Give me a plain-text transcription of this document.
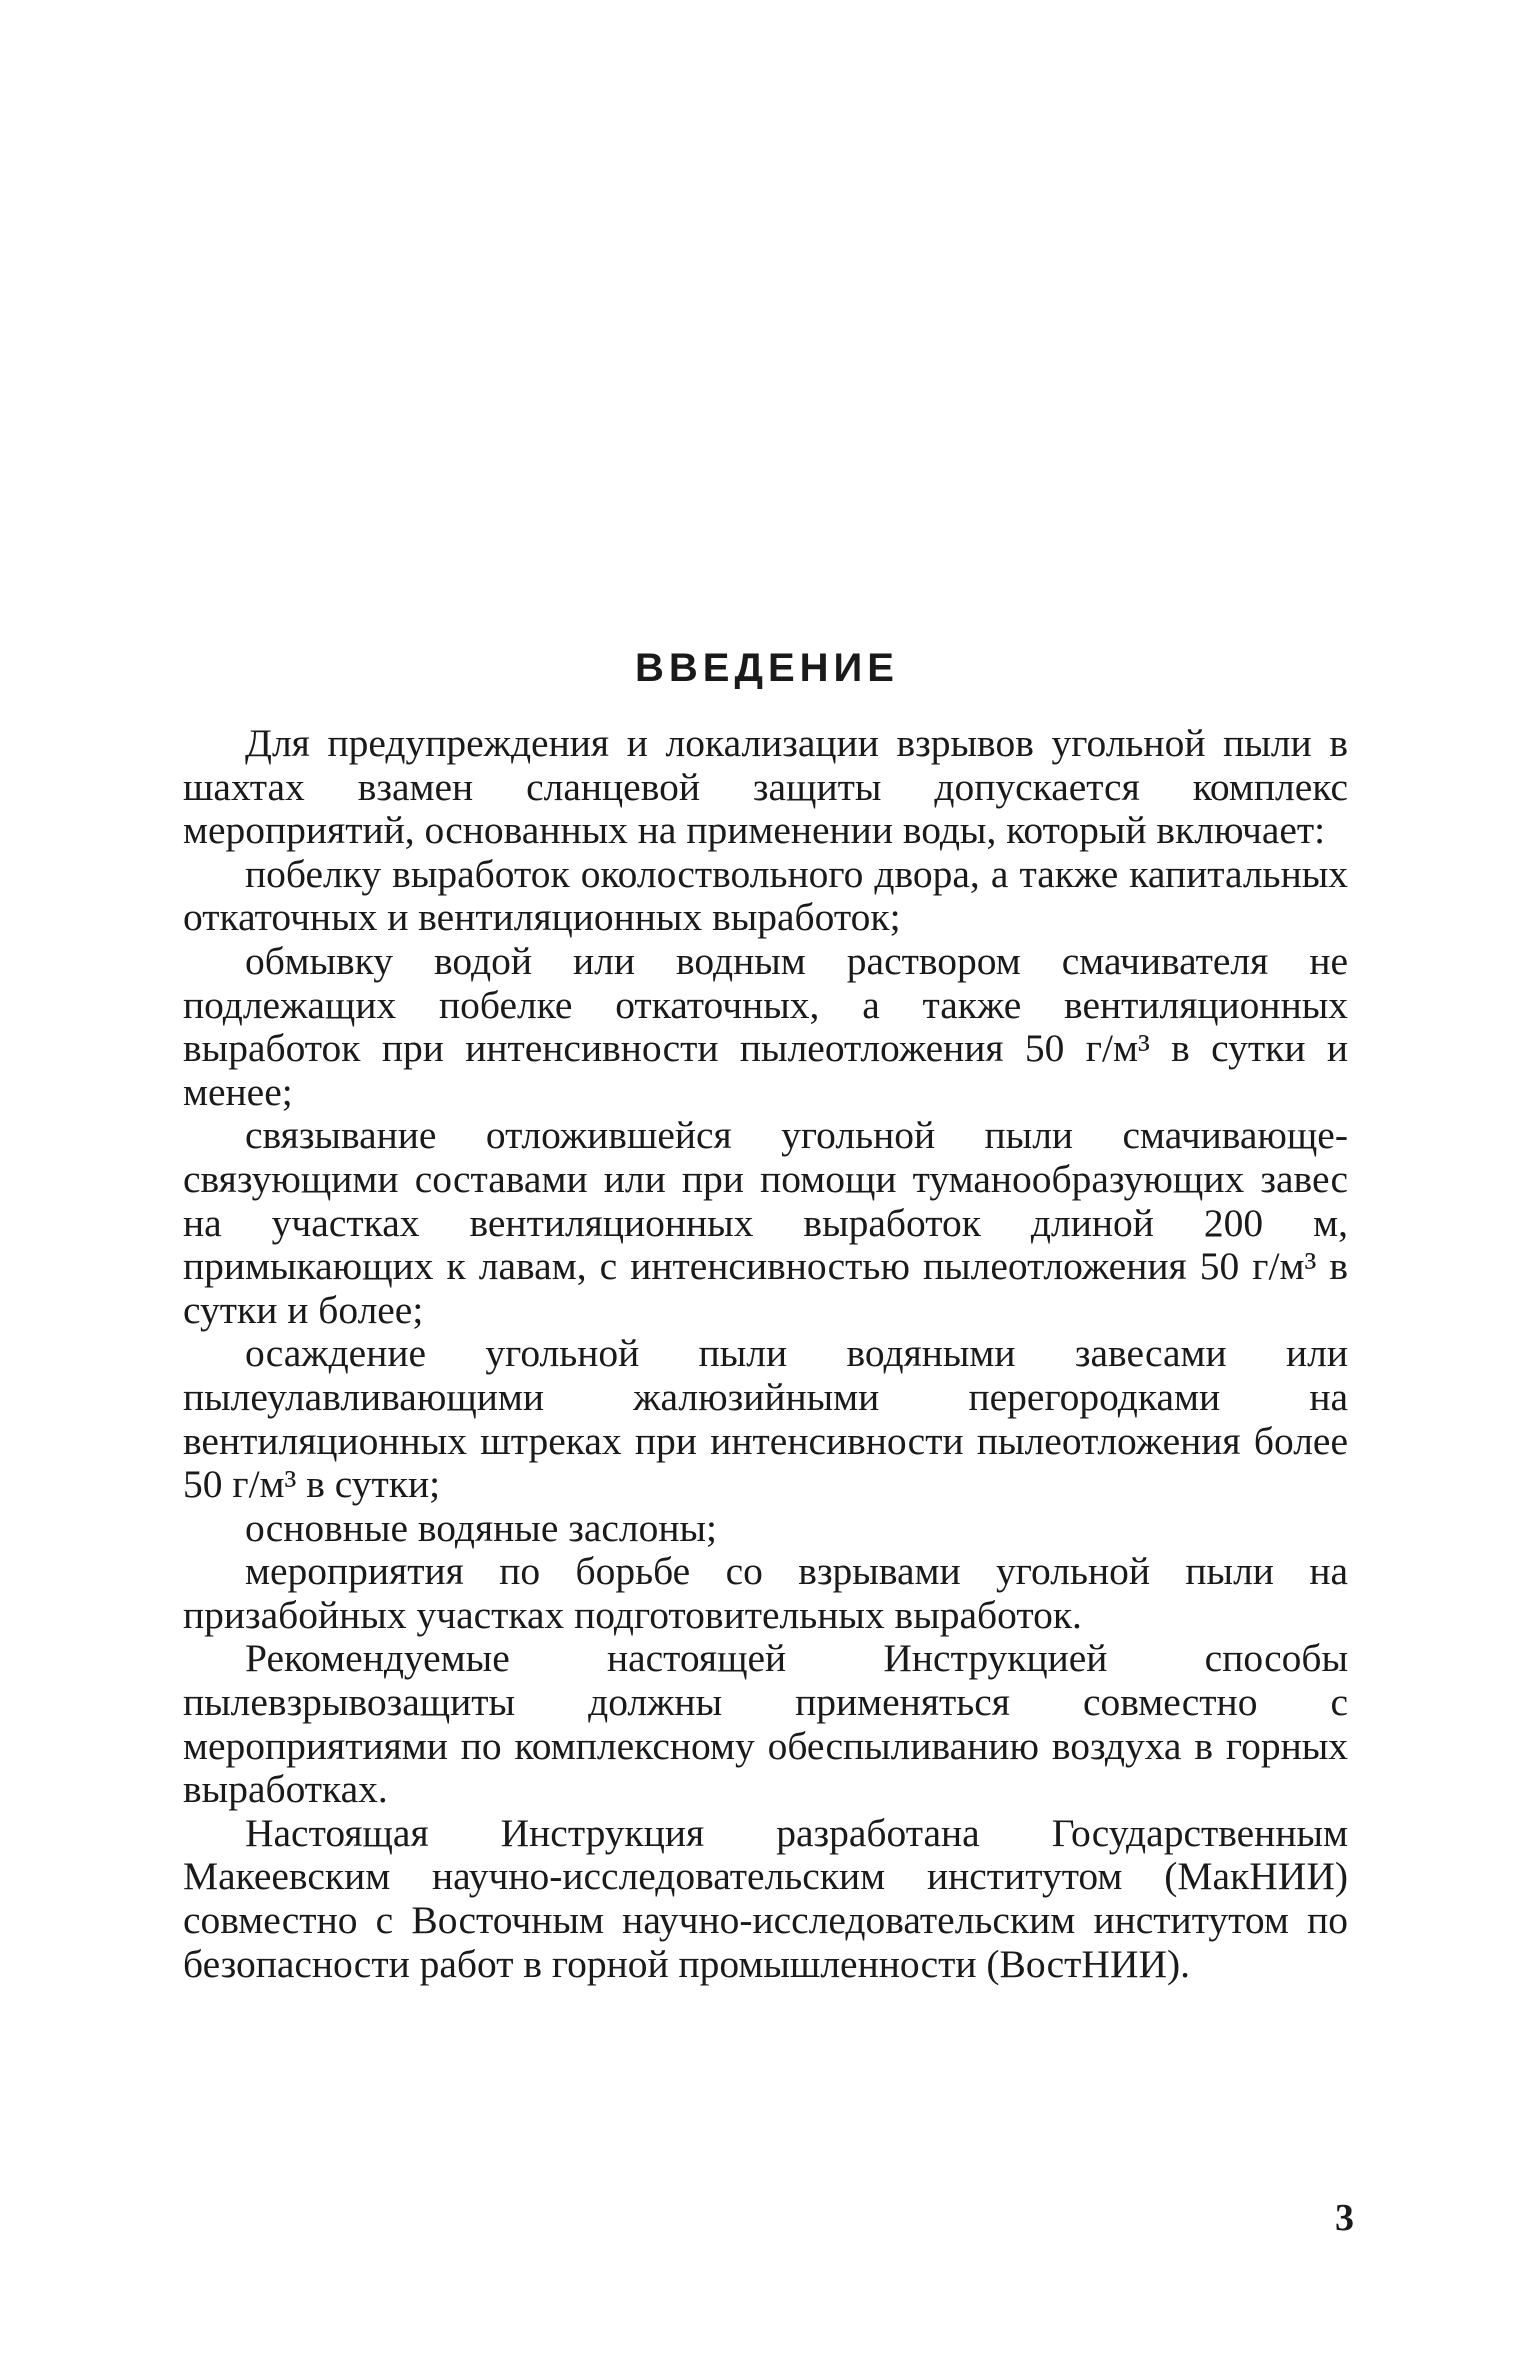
ВВЕДЕНИЕ

Для предупреждения и локализации взрывов угольной пыли в шахтах взамен сланцевой защиты допускается комплекс мероприятий, основанных на применении воды, который включает:

побелку выработок околоствольного двора, а также капитальных откаточных и вентиляционных выработок;

обмывку водой или водным раствором смачивателя не подлежащих побелке откаточных, а также вентиляционных выработок при интенсивности пылеотложения 50 г/м³ в сутки и менее;

связывание отложившейся угольной пыли смачивающе-связующими составами или при помощи туманообразующих завес на участках вентиляционных выработок длиной 200 м, примыкающих к лавам, с интенсивностью пылеотложения 50 г/м³ в сутки и более;

осаждение угольной пыли водяными завесами или пылеулавливающими жалюзийными перегородками на вентиляционных штреках при интенсивности пылеотложения более 50 г/м³ в сутки;

основные водяные заслоны;

мероприятия по борьбе со взрывами угольной пыли на призабойных участках подготовительных выработок.

Рекомендуемые настоящей Инструкцией способы пылевзрывозащиты должны применяться совместно с мероприятиями по комплексному обеспыливанию воздуха в горных выработках.

Настоящая Инструкция разработана Государственным Макеевским научно-исследовательским институтом (МакНИИ) совместно с Восточным научно-исследовательским институтом по безопасности работ в горной промышленности (ВостНИИ).

3
